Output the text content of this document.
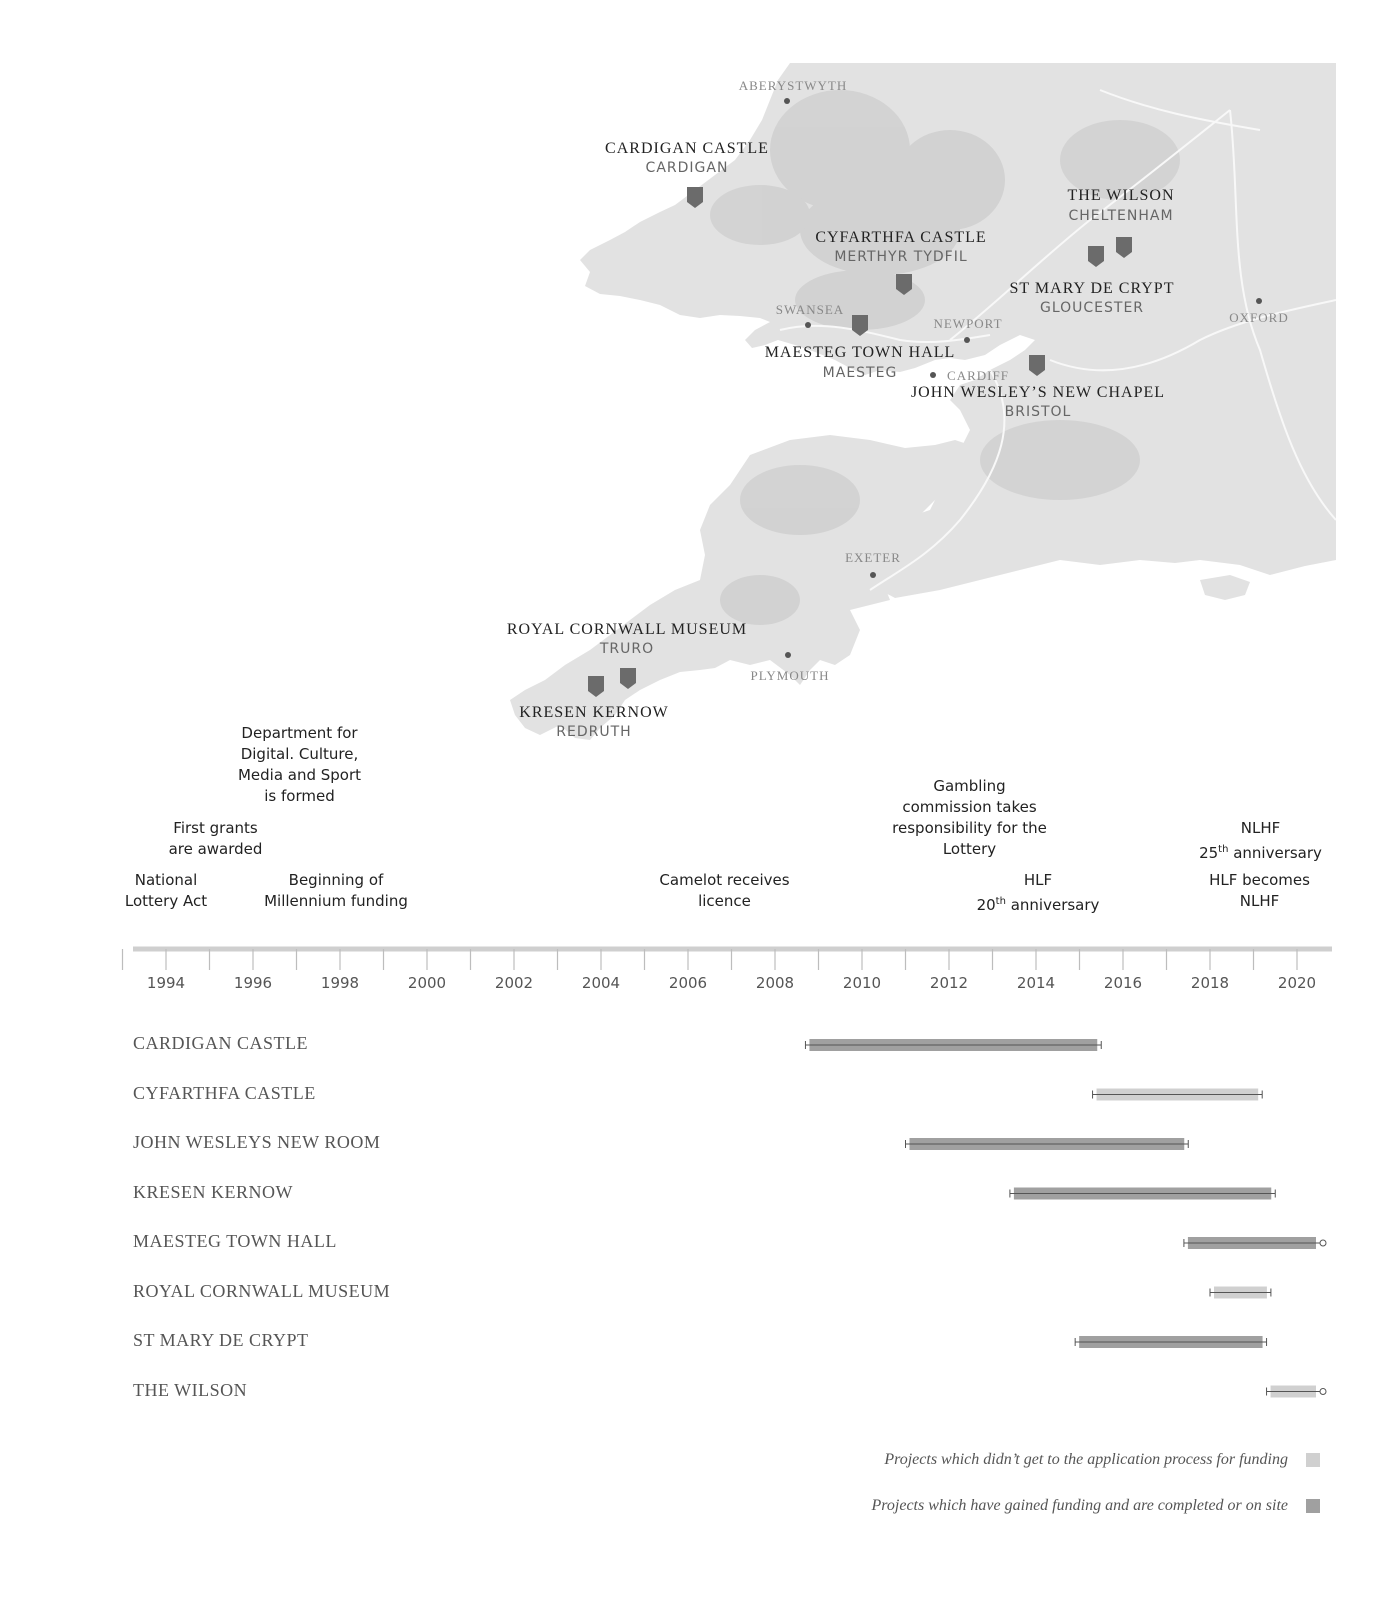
ABERYSTWYTH
SWANSEA
NEWPORT
CARDIFF
OXFORD
EXETER
PLYMOUTH
CARDIGAN CASTLE
CARDIGAN
THE WILSON
CHELTENHAM
CYFARTHFA CASTLE
MERTHYR TYDFIL
ST MARY DE CRYPT
GLOUCESTER
MAESTEG TOWN HALL
MAESTEG
JOHN WESLEY’S NEW CHAPEL
BRISTOL
ROYAL CORNWALL MUSEUM
TRURO
KRESEN KERNOW
REDRUTH
National
Lottery Act
First grants
are awarded
Department for
Digital. Culture,
Media and Sport
is formed
Beginning of
Millennium funding
Camelot receives
licence
Gambling
commission takes
responsibility for the
Lottery
HLF
20th anniversary
NLHF
25th anniversary
HLF becomes
NLHF
1994	1996	1998	2000	2002	2004	2006	2008	2010	2012	2014	2016	2018	2020
CARDIGAN CASTLE
CYFARTHFA CASTLE
JOHN WESLEYS NEW ROOM
KRESEN KERNOW
MAESTEG TOWN HALL
ROYAL CORNWALL MUSEUM
ST MARY DE CRYPT
THE WILSON
Projects which didn’t get to the application process for funding
Projects which have gained funding and are completed or on site
